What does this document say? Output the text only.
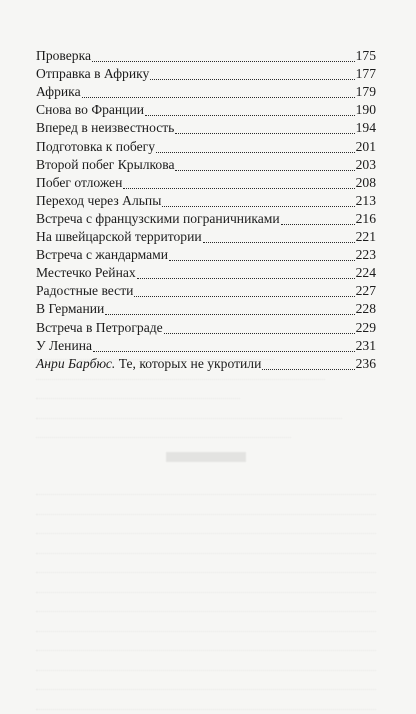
Проверка	175
Отправка в Африку	177
Африка	179
Снова во Франции	190
Вперед в неизвестность	194
Подготовка к побегу	201
Второй побег Крылкова	203
Побег отложен	208
Переход через Альпы	213
Встреча с французскими пограничниками	216
На швейцарской территории	221
Встреча с жандармами	223
Местечко Рейнах	224
Радостные вести	227
В Германии	228
Встреча в Петрограде	229
У Ленина	231
Анри Барбюс. Те, которых не укротили	236
